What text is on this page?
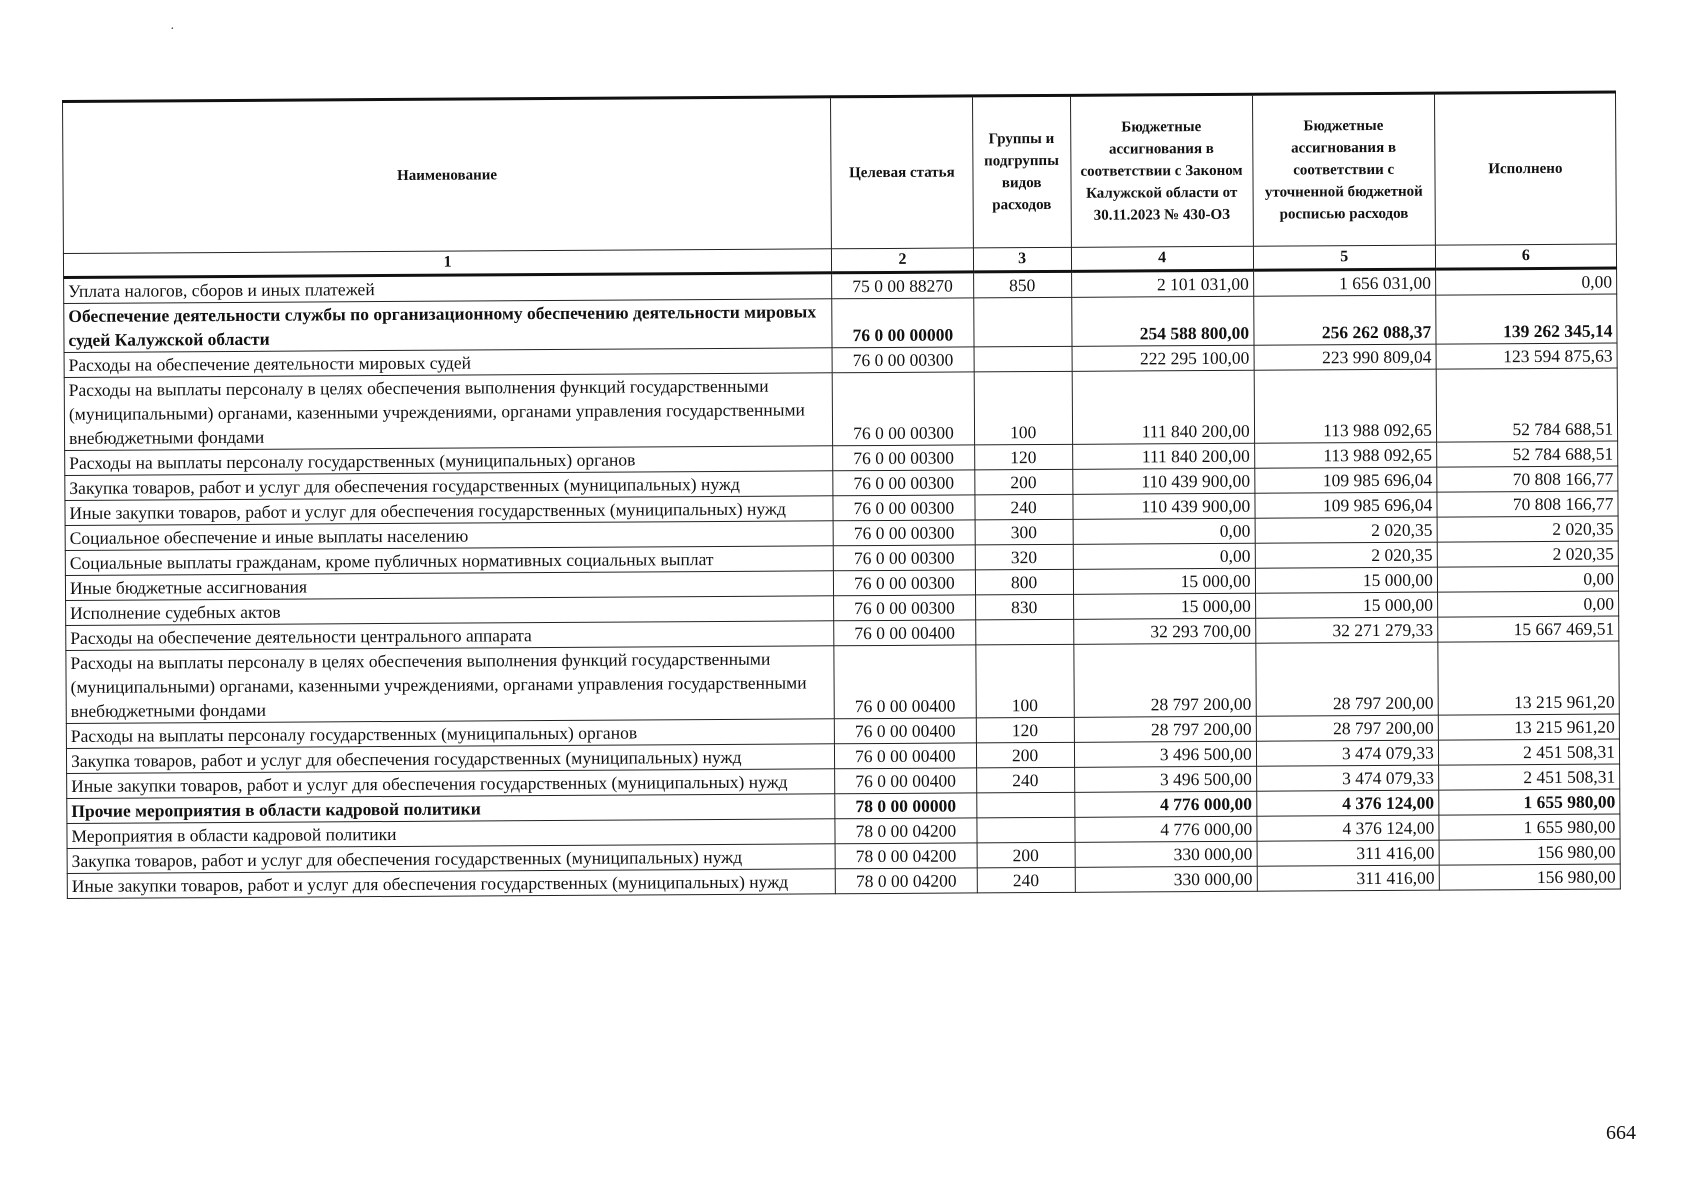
·
Наименование	Целевая статья	Группы и подгруппы видов расходов	Бюджетные ассигнования в соответствии с Законом Калужской области от 30.11.2023 № 430-ОЗ	Бюджетные ассигнования в соответствии с уточненной бюджетной росписью расходов	Исполнено
1	2	3	4	5	6
Уплата налогов, сборов и иных платежей	75 0 00 88270	850	2 101 031,00	1 656 031,00	0,00
Обеспечение деятельности службы по организационному обеспечению деятельности мировых судей Калужской области	76 0 00 00000		254 588 800,00	256 262 088,37	139 262 345,14
Расходы на обеспечение деятельности мировых судей	76 0 00 00300		222 295 100,00	223 990 809,04	123 594 875,63
Расходы на выплаты персоналу в целях обеспечения выполнения функций государственными (муниципальными) органами, казенными учреждениями, органами управления государственными внебюджетными фондами	76 0 00 00300	100	111 840 200,00	113 988 092,65	52 784 688,51
Расходы на выплаты персоналу государственных (муниципальных) органов	76 0 00 00300	120	111 840 200,00	113 988 092,65	52 784 688,51
Закупка товаров, работ и услуг для обеспечения государственных (муниципальных) нужд	76 0 00 00300	200	110 439 900,00	109 985 696,04	70 808 166,77
Иные закупки товаров, работ и услуг для обеспечения государственных (муниципальных) нужд	76 0 00 00300	240	110 439 900,00	109 985 696,04	70 808 166,77
Социальное обеспечение и иные выплаты населению	76 0 00 00300	300	0,00	2 020,35	2 020,35
Социальные выплаты гражданам, кроме публичных нормативных социальных выплат	76 0 00 00300	320	0,00	2 020,35	2 020,35
Иные бюджетные ассигнования	76 0 00 00300	800	15 000,00	15 000,00	0,00
Исполнение судебных актов	76 0 00 00300	830	15 000,00	15 000,00	0,00
Расходы на обеспечение деятельности центрального аппарата	76 0 00 00400		32 293 700,00	32 271 279,33	15 667 469,51
Расходы на выплаты персоналу в целях обеспечения выполнения функций государственными (муниципальными) органами, казенными учреждениями, органами управления государственными внебюджетными фондами	76 0 00 00400	100	28 797 200,00	28 797 200,00	13 215 961,20
Расходы на выплаты персоналу государственных (муниципальных) органов	76 0 00 00400	120	28 797 200,00	28 797 200,00	13 215 961,20
Закупка товаров, работ и услуг для обеспечения государственных (муниципальных) нужд	76 0 00 00400	200	3 496 500,00	3 474 079,33	2 451 508,31
Иные закупки товаров, работ и услуг для обеспечения государственных (муниципальных) нужд	76 0 00 00400	240	3 496 500,00	3 474 079,33	2 451 508,31
Прочие мероприятия в области кадровой политики	78 0 00 00000		4 776 000,00	4 376 124,00	1 655 980,00
Мероприятия в области кадровой политики	78 0 00 04200		4 776 000,00	4 376 124,00	1 655 980,00
Закупка товаров, работ и услуг для обеспечения государственных (муниципальных) нужд	78 0 00 04200	200	330 000,00	311 416,00	156 980,00
Иные закупки товаров, работ и услуг для обеспечения государственных (муниципальных) нужд	78 0 00 04200	240	330 000,00	311 416,00	156 980,00
664
